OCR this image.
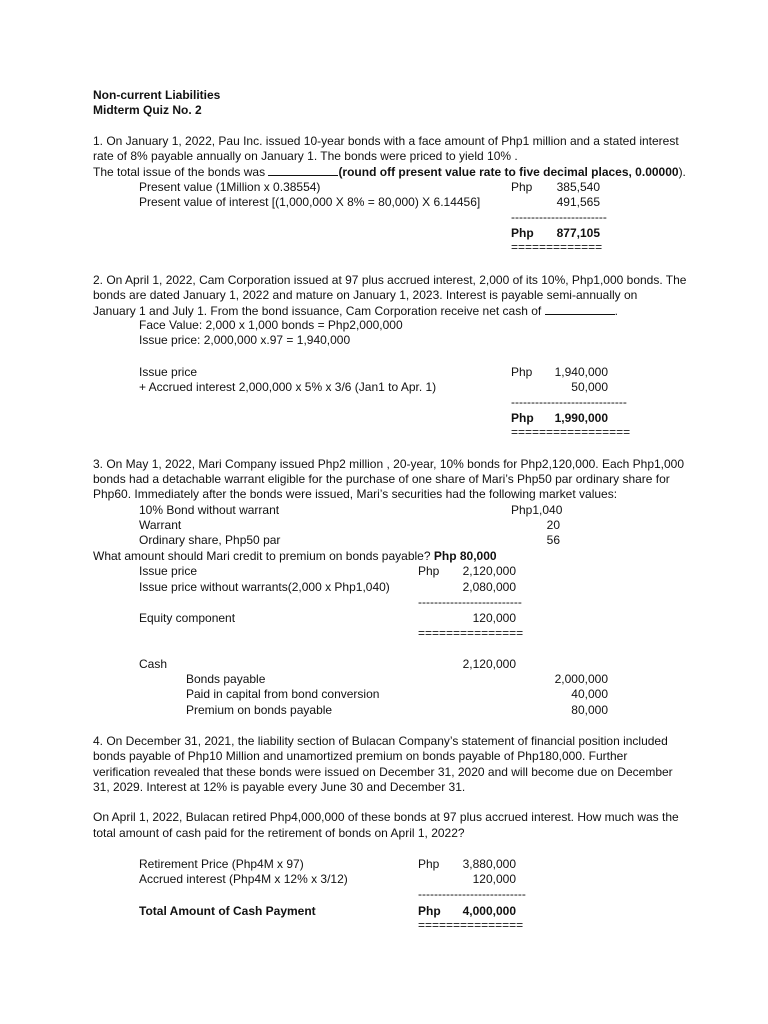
Non-current Liabilities
Midterm Quiz No. 2
1. On January 1, 2022, Pau Inc. issued 10-year bonds with a face amount of Php1 million and a stated interest
rate of 8% payable annually on January 1. The bonds were priced to yield 10% .
The total issue of the bonds was	(round off present value rate to five decimal places, 0.00000).
Present value (1Million x 0.38554)	Php	385,540
Present value of interest [(1,000,000 X 8% = 80,000) X 6.14456]	491,565
------------------------
Php	877,105
=============
2. On April 1, 2022, Cam Corporation issued at 97 plus accrued interest, 2,000 of its 10%, Php1,000 bonds. The
bonds are dated January 1, 2022 and mature on January 1, 2023. Interest is payable semi-annually on
January 1 and July 1. From the bond issuance, Cam Corporation receive net cash of	.
Face Value: 2,000 x 1,000 bonds = Php2,000,000
Issue price: 2,000,000 x.97 = 1,940,000
Issue price	Php	1,940,000
+ Accrued interest 2,000,000 x 5% x 3/6 (Jan1 to Apr. 1)	50,000
-----------------------------
Php	1,990,000
=================
3. On May 1, 2022, Mari Company issued Php2 million , 20-year, 10% bonds for Php2,120,000. Each Php1,000
bonds had a detachable warrant eligible for the purchase of one share of Mari’s Php50 par ordinary share for
Php60. Immediately after the bonds were issued, Mari’s securities had the following market values:
10% Bond without warrant	Php1,040
Warrant	20
Ordinary share, Php50 par	56
What amount should Mari credit to premium on bonds payable? Php 80,000
Issue price	Php	2,120,000
Issue price without warrants(2,000 x Php1,040)	2,080,000
--------------------------
Equity component	120,000
===============
Cash	2,120,000
Bonds payable	2,000,000
Paid in capital from bond conversion	40,000
Premium on bonds payable	80,000
4. On December 31, 2021, the liability section of Bulacan Company’s statement of financial position included
bonds payable of Php10 Million and unamortized premium on bonds payable of Php180,000. Further
verification revealed that these bonds were issued on December 31, 2020 and will become due on December
31, 2029. Interest at 12% is payable every June 30 and December 31.
On April 1, 2022, Bulacan retired Php4,000,000 of these bonds at 97 plus accrued interest. How much was the
total amount of cash paid for the retirement of bonds on April 1, 2022?
Retirement Price (Php4M x 97)	Php	3,880,000
Accrued interest (Php4M x 12% x 3/12)	120,000
---------------------------
Total Amount of Cash Payment	Php	4,000,000
===============
